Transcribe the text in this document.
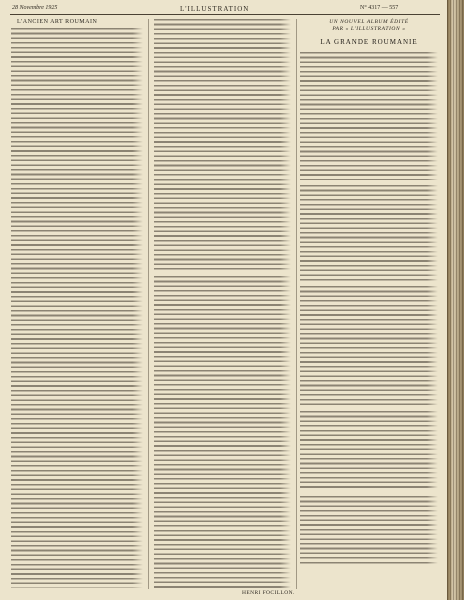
28 Novembre 1925	L'ILLUSTRATION	N° 4317 — 557
L'ANCIEN ART ROUMAIN
HENRI FOCILLON.
UN NOUVEL ALBUM ÉDITÉ
PAR « L'ILLUSTRATION »
LA GRANDE ROUMANIE
